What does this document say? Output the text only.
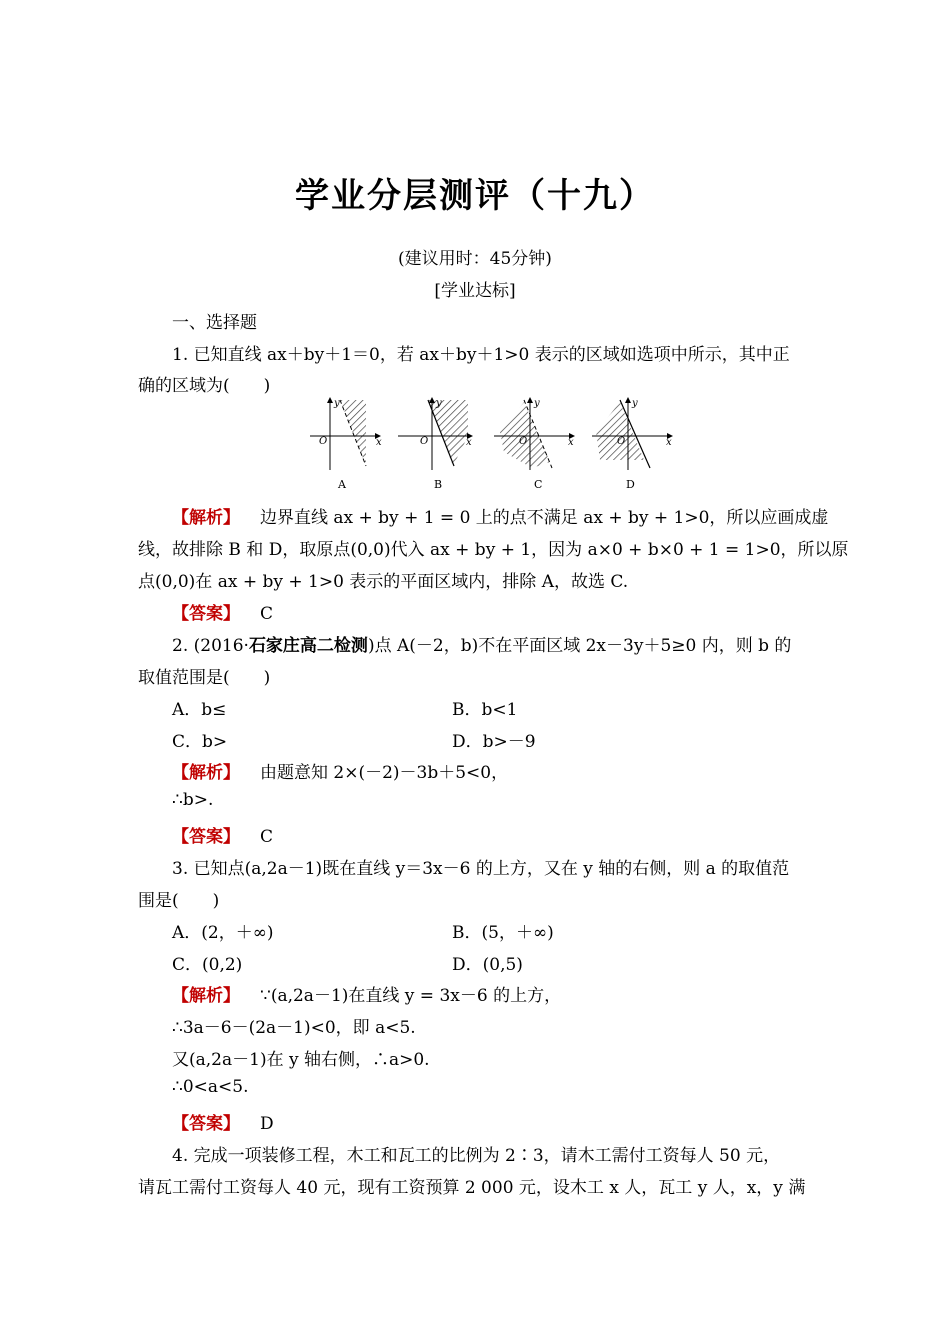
学业分层测评（十九）
(建议用时：45分钟)
[学业达标]
一、选择题
1. 已知直线 ax＋by＋1＝0，若 ax＋by＋1>0 表示的区域如选项中所示，其中正
确的区域为(　　)
y
x
O
A
y
x
O
B
y
x
O
C
y
x
O
D
【解析】 边界直线 ax + by + 1 = 0 上的点不满足 ax + by + 1>0，所以应画成虚
线，故排除 B 和 D，取原点(0,0)代入 ax + by + 1，因为 a×0 + b×0 + 1 = 1>0，所以原
点(0,0)在 ax + by + 1>0 表示的平面区域内，排除 A，故选 C.
【答案】 C
2. (2016·石家庄高二检测)点 A(－2，b)不在平面区域 2x－3y＋5≥0 内，则 b 的
取值范围是(　　)
A．b≤	B．b<1
C．b>	D．b>－9
【解析】 由题意知 2×(－2)－3b＋5<0，
∴b>.
【答案】 C
3. 已知点(a,2a－1)既在直线 y＝3x－6 的上方，又在 y 轴的右侧，则 a 的取值范
围是(　　)
A．(2，＋∞)	B．(5，＋∞)
C．(0,2)	D．(0,5)
【解析】 ∵(a,2a－1)在直线 y = 3x－6 的上方，
∴3a－6－(2a－1)<0，即 a<5.
又(a,2a－1)在 y 轴右侧，∴a>0.
∴0<a<5.
【答案】 D
4. 完成一项装修工程，木工和瓦工的比例为 2∶3，请木工需付工资每人 50 元，
请瓦工需付工资每人 40 元，现有工资预算 2 000 元，设木工 x 人，瓦工 y 人，x，y 满
